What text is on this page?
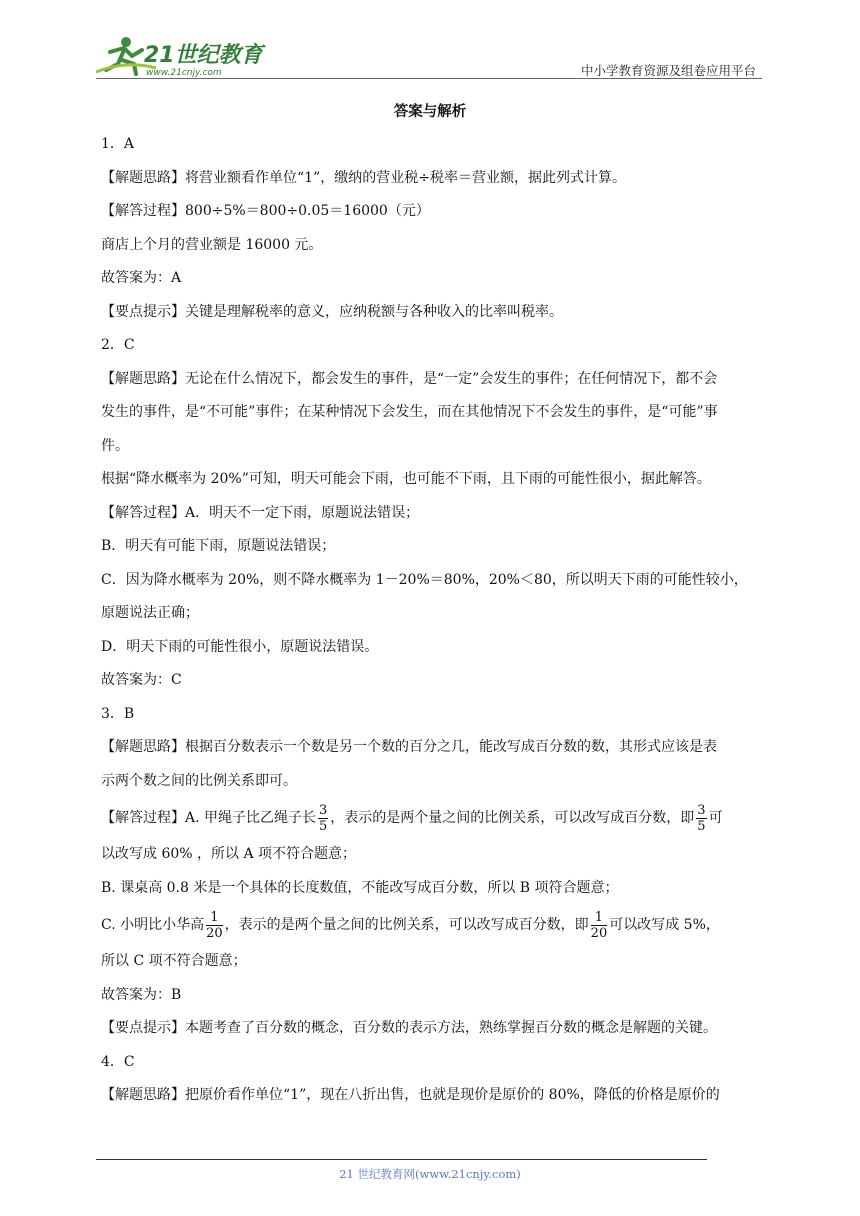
21世纪教育
www.21cnjy.com	中小学教育资源及组卷应用平台
答案与解析

1．A

【解题思路】将营业额看作单位“1”，缴纳的营业税÷税率＝营业额，据此列式计算。

【解答过程】800÷5%＝800÷0.05＝16000（元）

商店上个月的营业额是 16000 元。

故答案为：A

【要点提示】关键是理解税率的意义，应纳税额与各种收入的比率叫税率。

2．C

【解题思路】无论在什么情况下，都会发生的事件，是“一定”会发生的事件；在任何情况下，都不会

发生的事件，是“不可能”事件；在某种情况下会发生，而在其他情况下不会发生的事件，是“可能”事

件。

根据“降水概率为 20%”可知，明天可能会下雨，也可能不下雨，且下雨的可能性很小，据此解答。

【解答过程】A．明天不一定下雨，原题说法错误；

B．明天有可能下雨，原题说法错误；

C．因为降水概率为 20%，则不降水概率为 1－20%＝80%，20%＜80，所以明天下雨的可能性较小，

原题说法正确；

D．明天下雨的可能性很小，原题说法错误。

故答案为：C

3．B

【解题思路】根据百分数表示一个数是另一个数的百分之几，能改写成百分数的数，其形式应该是表

示两个数之间的比例关系即可。

【解答过程】A. 甲绳子比乙绳子长 $\frac{3}{5}$ ，表示的是两个量之间的比例关系，可以改写成百分数，即 $\frac{3}{5}$ 可

以改写成 60% ，所以 A 项不符合题意；

B. 课桌高 0.8 米是一个具体的长度数值，不能改写成百分数，所以 B 项符合题意；

C. 小明比小华高 $\frac{1}{20}$ ，表示的是两个量之间的比例关系，可以改写成百分数，即 $\frac{1}{20}$ 可以改写成 5%，

所以 C 项不符合题意；

故答案为：B

【要点提示】本题考查了百分数的概念，百分数的表示方法，熟练掌握百分数的概念是解题的关键。

4．C

【解题思路】把原价看作单位“1”，现在八折出售，也就是现价是原价的 80%，降低的价格是原价的

21 世纪教育网(www.21cnjy.com)
